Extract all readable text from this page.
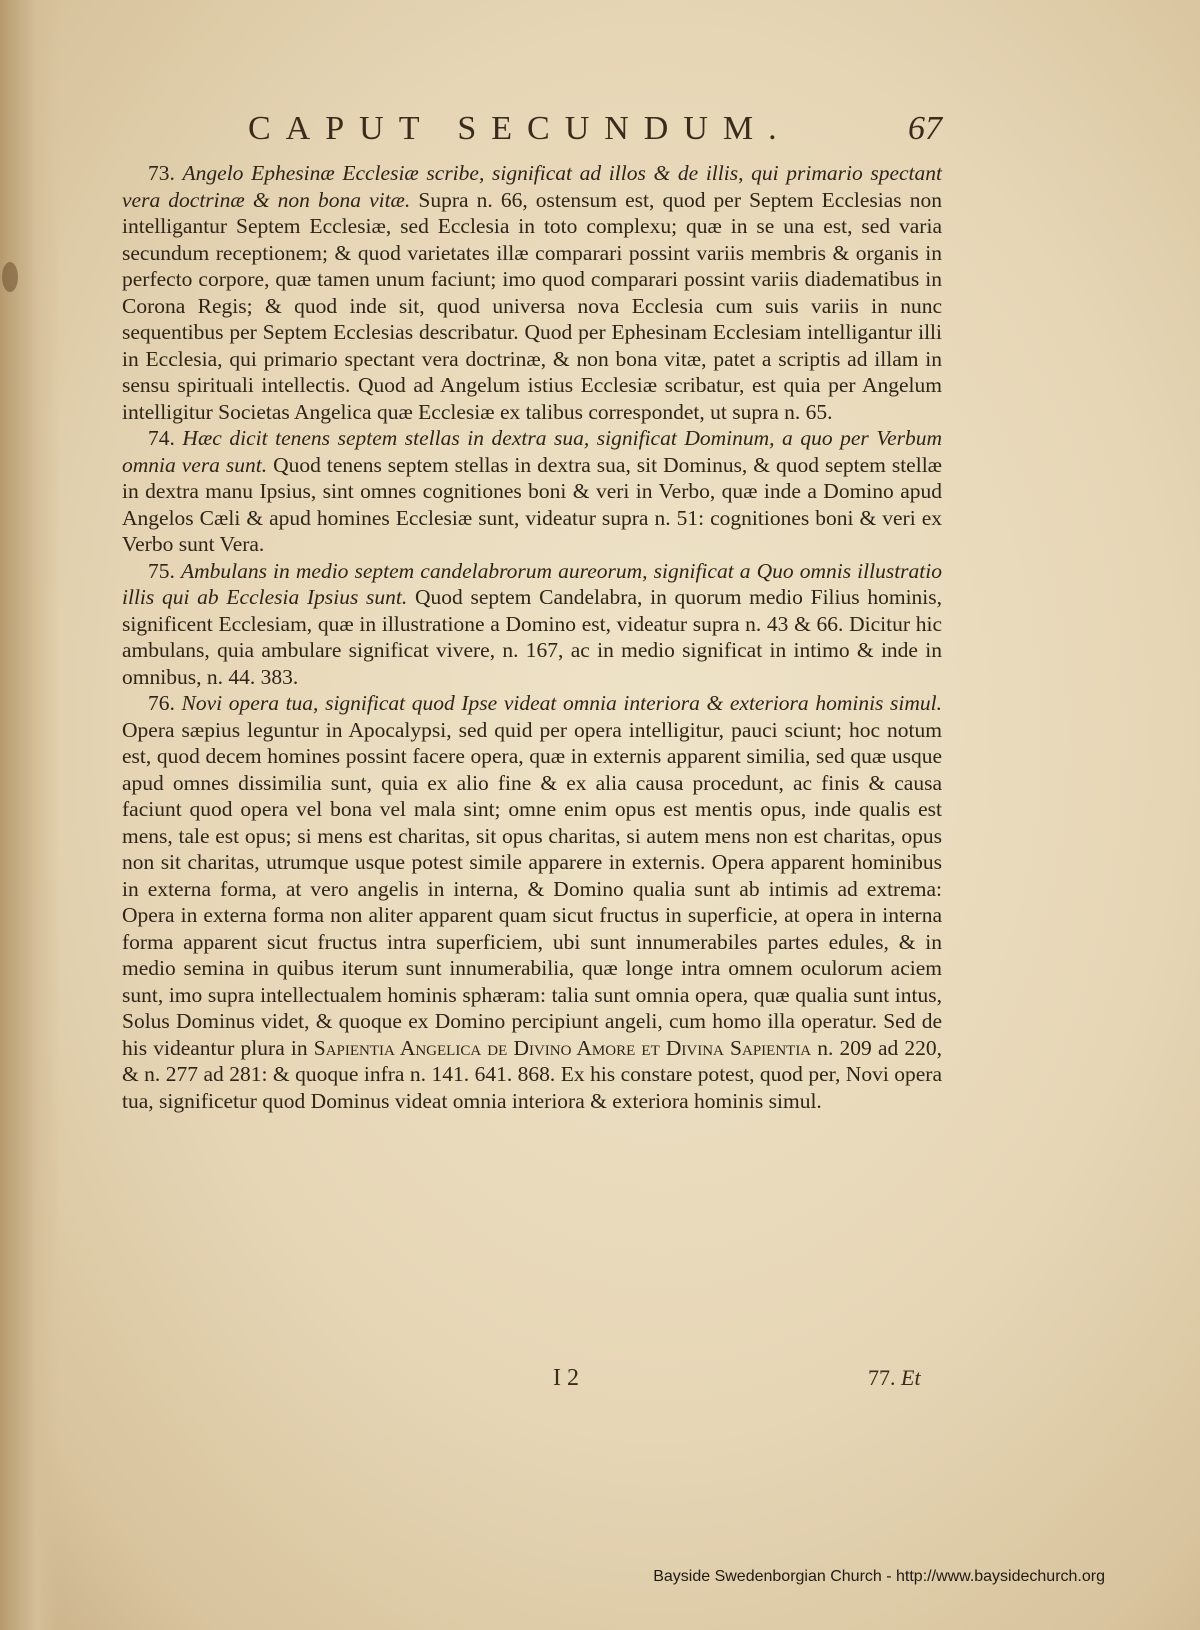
CAPUT SECUNDUM.	67

73. Angelo Ephesinæ Ecclesiæ scribe, significat ad illos & de illis, qui primario spectant vera doctrinæ & non bona vitæ. Supra n. 66, ostensum est, quod per Septem Ecclesias non intelligantur Septem Ecclesiæ, sed Ecclesia in toto complexu; quæ in se una est, sed varia secundum receptionem; & quod varietates illæ comparari possint variis membris & organis in perfecto corpore, quæ tamen unum faciunt; imo quod comparari possint variis diadematibus in Corona Regis; & quod inde sit, quod universa nova Ecclesia cum suis variis in nunc sequentibus per Septem Ecclesias describatur. Quod per Ephesinam Ecclesiam intelligantur illi in Ecclesia, qui primario spectant vera doctrinæ, & non bona vitæ, patet a scriptis ad illam in sensu spirituali intellectis. Quod ad Angelum istius Ecclesiæ scribatur, est quia per Angelum intelligitur Societas Angelica quæ Ecclesiæ ex talibus correspondet, ut supra n. 65.

74. Hæc dicit tenens septem stellas in dextra sua, significat Dominum, a quo per Verbum omnia vera sunt. Quod tenens septem stellas in dextra sua, sit Dominus, & quod septem stellæ in dextra manu Ipsius, sint omnes cognitiones boni & veri in Verbo, quæ inde a Domino apud Angelos Cæli & apud homines Ecclesiæ sunt, videatur supra n. 51: cognitiones boni & veri ex Verbo sunt Vera.

75. Ambulans in medio septem candelabrorum aureorum, significat a Quo omnis illustratio illis qui ab Ecclesia Ipsius sunt. Quod septem Candelabra, in quorum medio Filius hominis, significent Ecclesiam, quæ in illustratione a Domino est, videatur supra n. 43 & 66. Dicitur hic ambulans, quia ambulare significat vivere, n. 167, ac in medio significat in intimo & inde in omnibus, n. 44. 383.

76. Novi opera tua, significat quod Ipse videat omnia interiora & exteriora hominis simul. Opera sæpius leguntur in Apocalypsi, sed quid per opera intelligitur, pauci sciunt; hoc notum est, quod decem homines possint facere opera, quæ in externis apparent similia, sed quæ usque apud omnes dissimilia sunt, quia ex alio fine & ex alia causa procedunt, ac finis & causa faciunt quod opera vel bona vel mala sint; omne enim opus est mentis opus, inde qualis est mens, tale est opus; si mens est charitas, sit opus charitas, si autem mens non est charitas, opus non sit charitas, utrumque usque potest simile apparere in externis. Opera apparent hominibus in externa forma, at vero angelis in interna, & Domino qualia sunt ab intimis ad extrema: Opera in externa forma non aliter apparent quam sicut fructus in superficie, at opera in interna forma apparent sicut fructus intra superficiem, ubi sunt innumerabiles partes edules, & in medio semina in quibus iterum sunt innumerabilia, quæ longe intra omnem oculorum aciem sunt, imo supra intellectualem hominis sphæram: talia sunt omnia opera, quæ qualia sunt intus, Solus Dominus videt, & quoque ex Domino percipiunt angeli, cum homo illa operatur. Sed de his videantur plura in Sapientia Angelica de Divino Amore et Divina Sapientia n. 209 ad 220, & n. 277 ad 281: & quoque infra n. 141. 641. 868. Ex his constare potest, quod per, Novi opera tua, significetur quod Dominus videat omnia interiora & exteriora hominis simul.

I 2	77. Et
Bayside Swedenborgian Church - http://www.baysidechurch.org
